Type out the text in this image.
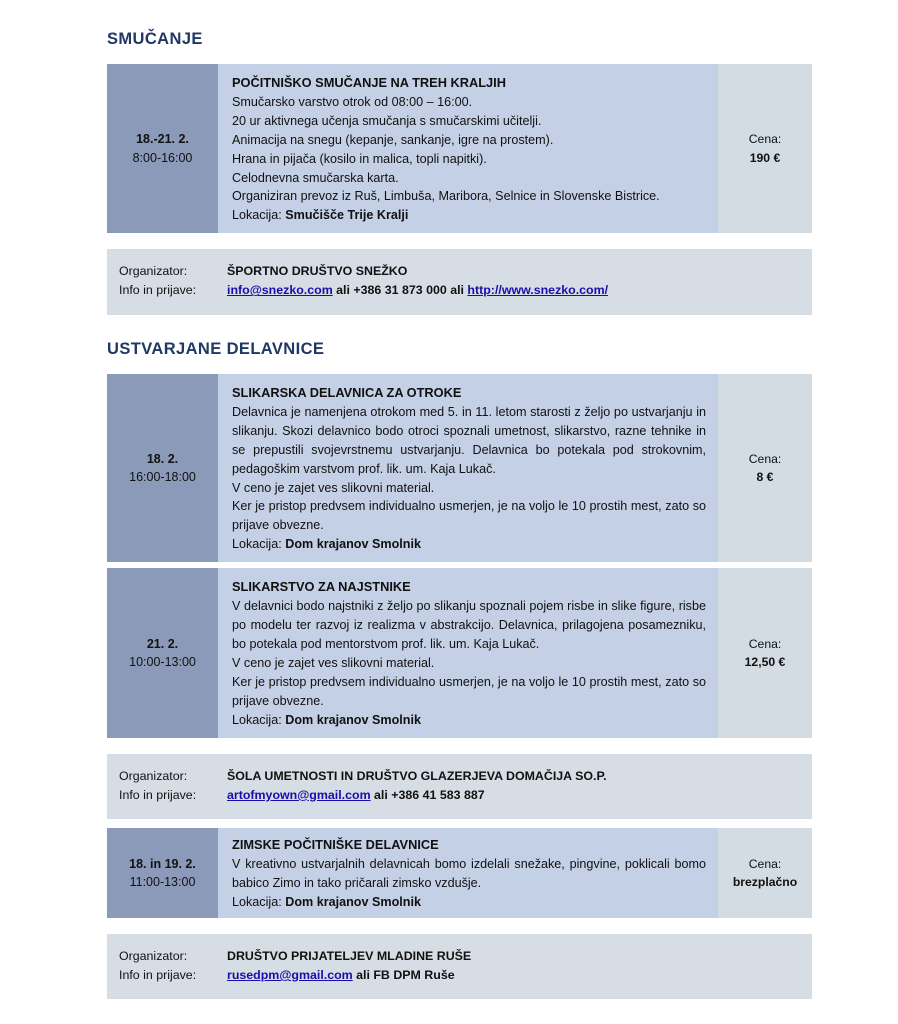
SMUČANJE
18.-21. 2.
8:00-16:00
POČITNIŠKO SMUČANJE NA TREH KRALJIH
Smučarsko varstvo otrok od 08:00 – 16:00.
20 ur aktivnega učenja smučanja s smučarskimi učitelji.
Animacija na snegu (kepanje, sankanje, igre na prostem).
Hrana in pijača (kosilo in malica, topli napitki).
Celodnevna smučarska karta.
Organiziran prevoz iz Ruš, Limbuša, Maribora, Selnice in Slovenske Bistrice.
Lokacija: Smučišče Trije Kralji
Cena:
190 €
Organizator:	ŠPORTNO DRUŠTVO SNEŽKO
Info in prijave:	info@snezko.com ali +386 31 873 000 ali http://www.snezko.com/
USTVARJANE DELAVNICE
18. 2.
16:00-18:00
SLIKARSKA DELAVNICA ZA OTROKE
Delavnica je namenjena otrokom med 5. in 11. letom starosti z željo po ustvarjanju in slikanju. Skozi delavnico bodo otroci spoznali umetnost, slikarstvo, razne tehnike in se prepustili svojevrstnemu ustvarjanju. Delavnica bo potekala pod strokovnim, pedagoškim varstvom prof. lik. um. Kaja Lukač.
V ceno je zajet ves slikovni material.
Ker je pristop predvsem individualno usmerjen, je na voljo le 10 prostih mest, zato so prijave obvezne.
Lokacija: Dom krajanov Smolnik
Cena:
8 €
21. 2.
10:00-13:00
SLIKARSTVO ZA NAJSTNIKE
V delavnici bodo najstniki z željo po slikanju spoznali pojem risbe in slike figure, risbe po modelu ter razvoj iz realizma v abstrakcijo. Delavnica, prilagojena posamezniku, bo potekala pod mentorstvom prof. lik. um. Kaja Lukač.
V ceno je zajet ves slikovni material.
Ker je pristop predvsem individualno usmerjen, je na voljo le 10 prostih mest, zato so prijave obvezne.
Lokacija: Dom krajanov Smolnik
Cena:
12,50 €
Organizator:	ŠOLA UMETNOSTI IN DRUŠTVO GLAZERJEVA DOMAČIJA SO.P.
Info in prijave:	artofmyown@gmail.com ali +386 41 583 887
18. in 19. 2.
11:00-13:00
ZIMSKE POČITNIŠKE DELAVNICE
V kreativno ustvarjalnih delavnicah bomo izdelali snežake, pingvine, poklicali bomo babico Zimo in tako pričarali zimsko vzdušje.
Lokacija: Dom krajanov Smolnik
Cena:
brezplačno
Organizator:	DRUŠTVO PRIJATELJEV MLADINE RUŠE
Info in prijave:	rusedpm@gmail.com ali FB DPM Ruše
